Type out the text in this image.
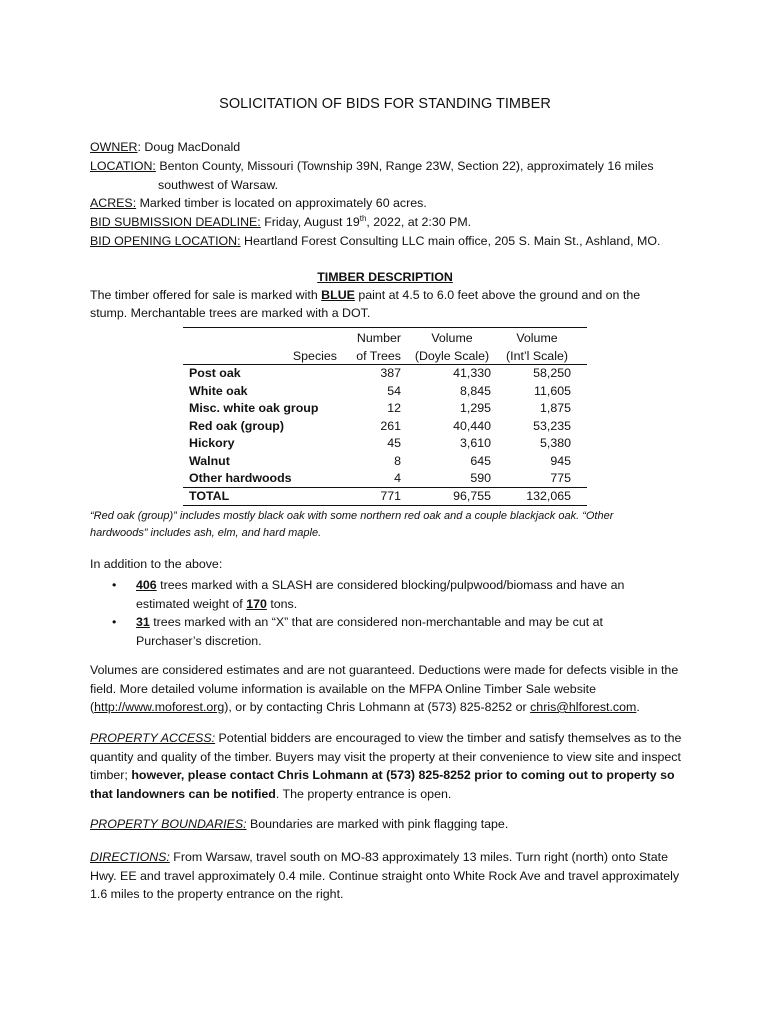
SOLICITATION OF BIDS FOR STANDING TIMBER
OWNER: Doug MacDonald
LOCATION: Benton County, Missouri (Township 39N, Range 23W, Section 22), approximately 16 miles
southwest of Warsaw.
ACRES: Marked timber is located on approximately 60 acres.
BID SUBMISSION DEADLINE: Friday, August 19th, 2022, at 2:30 PM.
BID OPENING LOCATION: Heartland Forest Consulting LLC main office, 205 S. Main St., Ashland, MO.
TIMBER DESCRIPTION
The timber offered for sale is marked with BLUE paint at 4.5 to 6.0 feet above the ground and on the
stump. Merchantable trees are marked with a DOT.
	Number	Volume	Volume
Species	of Trees	(Doyle Scale)	(Int’l Scale)
Post oak	387	41,330	58,250
White oak	54	8,845	11,605
Misc. white oak group	12	1,295	1,875
Red oak (group)	261	40,440	53,235
Hickory	45	3,610	5,380
Walnut	8	645	945
Other hardwoods	4	590	775
TOTAL	771	96,755	132,065
“Red oak (group)” includes mostly black oak with some northern red oak and a couple blackjack oak. “Other hardwoods” includes ash, elm, and hard maple.
In addition to the above:
• 406 trees marked with a SLASH are considered blocking/pulpwood/biomass and have an estimated weight of 170 tons.
• 31 trees marked with an “X” that are considered non-merchantable and may be cut at Purchaser’s discretion.
Volumes are considered estimates and are not guaranteed. Deductions were made for defects visible in the field. More detailed volume information is available on the MFPA Online Timber Sale website (http://www.moforest.org), or by contacting Chris Lohmann at (573) 825-8252 or chris@hlforest.com.
PROPERTY ACCESS: Potential bidders are encouraged to view the timber and satisfy themselves as to the quantity and quality of the timber. Buyers may visit the property at their convenience to view site and inspect timber; however, please contact Chris Lohmann at (573) 825-8252 prior to coming out to property so that landowners can be notified. The property entrance is open.
PROPERTY BOUNDARIES: Boundaries are marked with pink flagging tape.
DIRECTIONS: From Warsaw, travel south on MO-83 approximately 13 miles. Turn right (north) onto State Hwy. EE and travel approximately 0.4 mile. Continue straight onto White Rock Ave and travel approximately 1.6 miles to the property entrance on the right.
